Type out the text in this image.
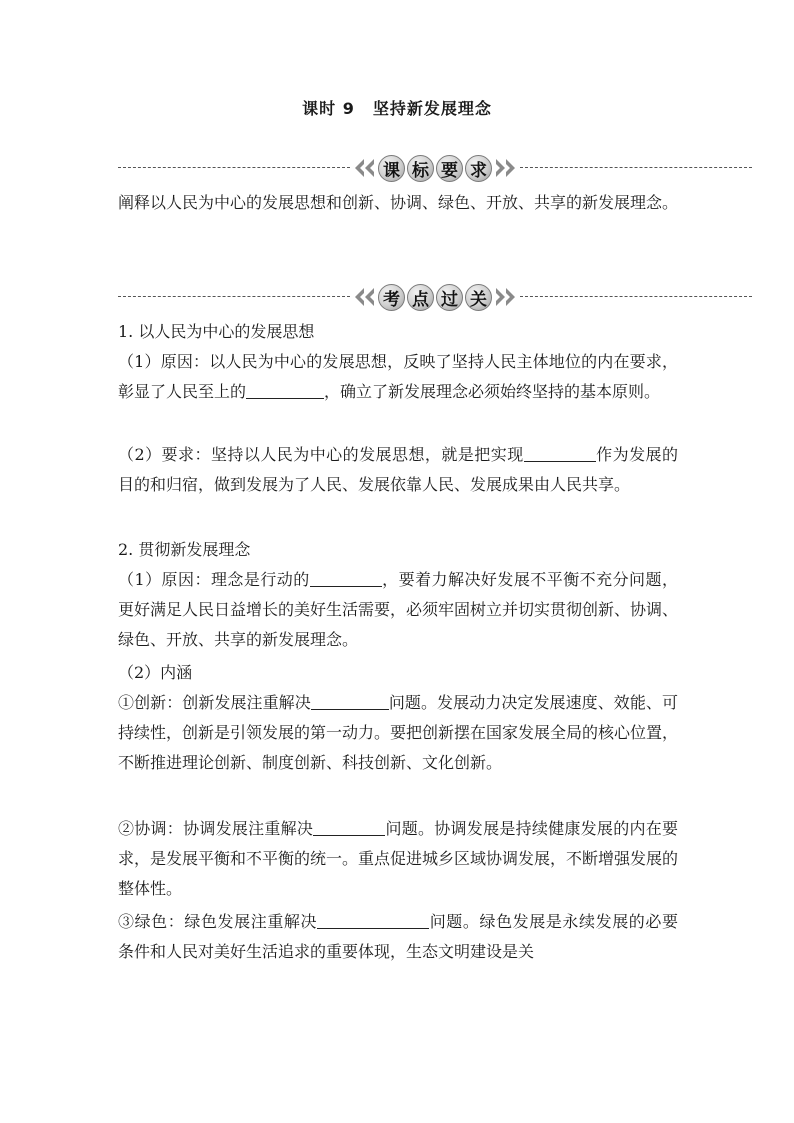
课时 9 坚持新发展理念
课 标 要 求
阐释以人民为中心的发展思想和创新、协调、绿色、开放、共享的新发展理念。
考 点 过 关
1. 以人民为中心的发展思想
（1）原因：以人民为中心的发展思想，反映了坚持人民主体地位的内在要求，彰显了人民至上的	，确立了新发展理念必须始终坚持的基本原则。
（2）要求：坚持以人民为中心的发展思想，就是把实现	作为发展的目的和归宿，做到发展为了人民、发展依靠人民、发展成果由人民共享。
2. 贯彻新发展理念
（1）原因：理念是行动的	，要着力解决好发展不平衡不充分问题，更好满足人民日益增长的美好生活需要，必须牢固树立并切实贯彻创新、协调、绿色、开放、共享的新发展理念。
（2）内涵
①创新：创新发展注重解决	问题。发展动力决定发展速度、效能、可持续性，创新是引领发展的第一动力。要把创新摆在国家发展全局的核心位置，不断推进理论创新、制度创新、科技创新、文化创新。
②协调：协调发展注重解决	问题。协调发展是持续健康发展的内在要求，是发展平衡和不平衡的统一。重点促进城乡区域协调发展，不断增强发展的整体性。
③绿色：绿色发展注重解决	问题。绿色发展是永续发展的必要条件和人民对美好生活追求的重要体现，生态文明建设是关
